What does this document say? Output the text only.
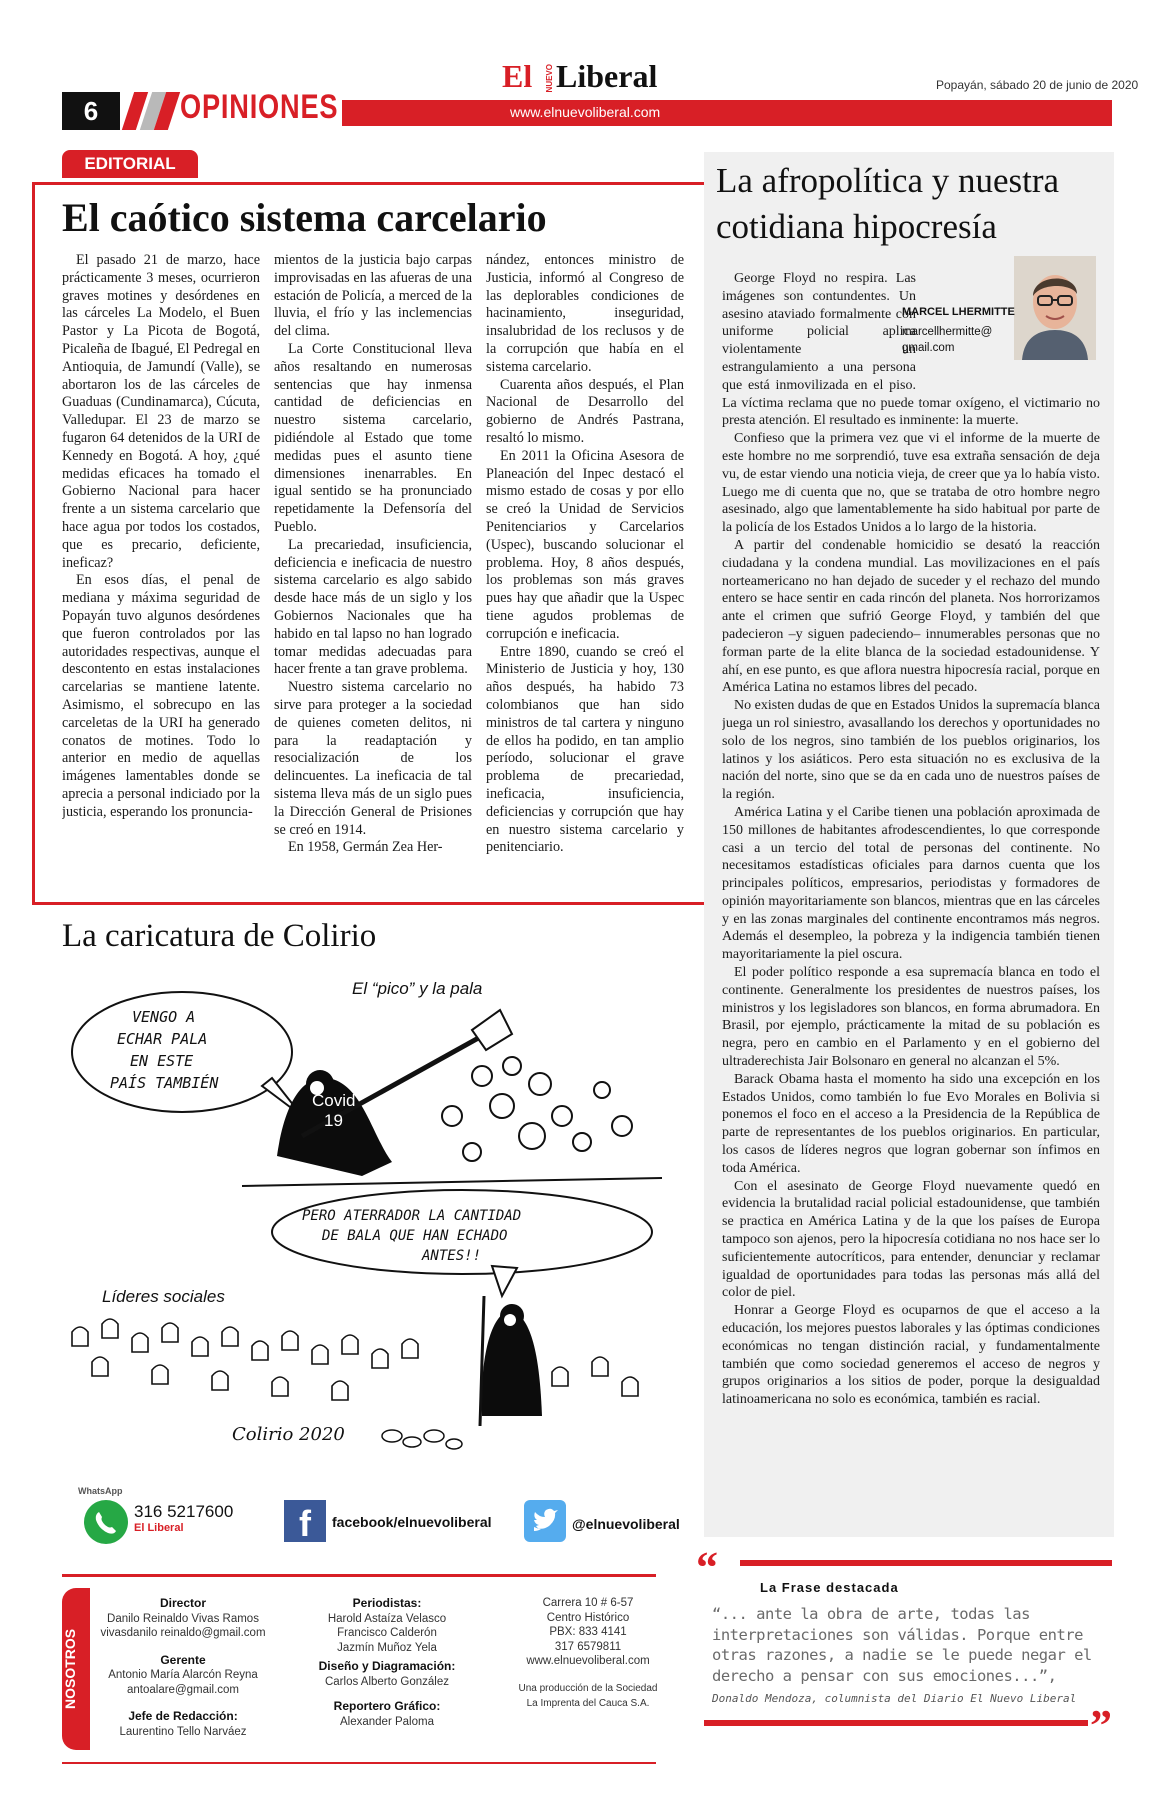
6	OPINIONES	www.elnuevoliberal.com
El NUEVO Liberal	Popayán, sábado 20 de junio de 2020
EDITORIAL
El caótico sistema carcelario

El pasado 21 de marzo, hace prácticamente 3 meses, ocurrieron graves motines y desórdenes en las cárceles La Modelo, el Buen Pastor y La Picota de Bogotá, Picaleña de Ibagué, El Pedregal en Antioquia, de Jamundí (Valle), se abortaron los de las cárceles de Guaduas (Cundinamarca), Cúcuta, Valledupar. El 23 de marzo se fugaron 64 detenidos de la URI de Kennedy en Bogotá. A hoy, ¿qué medidas eficaces ha tomado el Gobierno Nacional para hacer frente a un sistema carcelario que hace agua por todos los costados, que es precario, deficiente, ineficaz?

En esos días, el penal de mediana y máxima seguridad de Popayán tuvo algunos desórdenes que fueron controlados por las autoridades respectivas, aunque el descontento en estas instalaciones carcelarias se mantiene latente. Asimismo, el sobrecupo en las carceletas de la URI ha generado conatos de motines. Todo lo anterior en medio de aquellas imágenes lamentables donde se aprecia a personal indiciado por la justicia, esperando los pronuncia-

mientos de la justicia bajo carpas improvisadas en las afueras de una estación de Policía, a merced de la lluvia, el frío y las inclemencias del clima.

La Corte Constitucional lleva años resaltando en numerosas sentencias que hay inmensa cantidad de deficiencias en nuestro sistema carcelario, pidiéndole al Estado que tome medidas pues el asunto tiene dimensiones inenarrables. En igual sentido se ha pronunciado repetidamente la Defensoría del Pueblo.

La precariedad, insuficiencia, deficiencia e ineficacia de nuestro sistema carcelario es algo sabido desde hace más de un siglo y los Gobiernos Nacionales que ha habido en tal lapso no han logrado tomar medidas adecuadas para hacer frente a tan grave problema.

Nuestro sistema carcelario no sirve para proteger a la sociedad de quienes cometen delitos, ni para la readaptación y resocialización de los delincuentes. La ineficacia de tal sistema lleva más de un siglo pues la Dirección General de Prisiones se creó en 1914.

En 1958, Germán Zea Her-

nández, entonces ministro de Justicia, informó al Congreso de las deplorables condiciones de hacinamiento, inseguridad, insalubridad de los reclusos y de la corrupción que había en el sistema carcelario.

Cuarenta años después, el Plan Nacional de Desarrollo del gobierno de Andrés Pastrana, resaltó lo mismo.

En 2011 la Oficina Asesora de Planeación del Inpec destacó el mismo estado de cosas y por ello se creó la Unidad de Servicios Penitenciarios y Carcelarios (Uspec), buscando solucionar el problema. Hoy, 8 años después, los problemas son más graves pues hay que añadir que la Uspec tiene agudos problemas de corrupción e ineficacia.

Entre 1890, cuando se creó el Ministerio de Justicia y hoy, 130 años después, ha habido 73 colombianos que han sido ministros de tal cartera y ninguno de ellos ha podido, en tan amplio período, solucionar el grave problema de precariedad, ineficacia, insuficiencia, deficiencias y corrupción que hay en nuestro sistema carcelario y penitenciario.

La afropolítica y nuestra cotidiana hipocresía
MARCEL LHERMITTE
marcellhermitte@
gmail.com

George Floyd no respira. Las imágenes son contundentes. Un asesino ataviado formalmente con uniforme policial aplica violentamente un estrangulamiento a una persona que está inmovilizada en el piso. La víctima reclama que no puede tomar oxígeno, el victimario no presta atención. El resultado es inminente: la muerte.

Confieso que la primera vez que vi el informe de la muerte de este hombre no me sorprendió, tuve esa extraña sensación de deja vu, de estar viendo una noticia vieja, de creer que ya lo había visto. Luego me di cuenta que no, que se trataba de otro hombre negro asesinado, algo que lamentablemente ha sido habitual por parte de la policía de los Estados Unidos a lo largo de la historia.

A partir del condenable homicidio se desató la reacción ciudadana y la condena mundial. Las movilizaciones en el país norteamericano no han dejado de suceder y el rechazo del mundo entero se hace sentir en cada rincón del planeta. Nos horrorizamos ante el crimen que sufrió George Floyd, y también del que padecieron –y siguen padeciendo– innumerables personas que no forman parte de la elite blanca de la sociedad estadounidense. Y ahí, en ese punto, es que aflora nuestra hipocresía racial, porque en América Latina no estamos libres del pecado.

No existen dudas de que en Estados Unidos la supremacía blanca juega un rol siniestro, avasallando los derechos y oportunidades no solo de los negros, sino también de los pueblos originarios, los latinos y los asiáticos. Pero esta situación no es exclusiva de la nación del norte, sino que se da en cada uno de nuestros países de la región.

América Latina y el Caribe tienen una población aproximada de 150 millones de habitantes afrodescendientes, lo que corresponde casi a un tercio del total de personas del continente. No necesitamos estadísticas oficiales para darnos cuenta que los principales políticos, empresarios, periodistas y formadores de opinión mayoritariamente son blancos, mientras que en las cárceles y en las zonas marginales del continente encontramos más negros. Además el desempleo, la pobreza y la indigencia también tienen mayoritariamente la piel oscura.

El poder político responde a esa supremacía blanca en todo el continente. Generalmente los presidentes de nuestros países, los ministros y los legisladores son blancos, en forma abrumadora. En Brasil, por ejemplo, prácticamente la mitad de su población es negra, pero en cambio en el Parlamento y en el gobierno del ultraderechista Jair Bolsonaro en general no alcanzan el 5%.

Barack Obama hasta el momento ha sido una excepción en los Estados Unidos, como también lo fue Evo Morales en Bolivia si ponemos el foco en el acceso a la Presidencia de la República de parte de representantes de los pueblos originarios. En particular, los casos de líderes negros que logran gobernar son ínfimos en toda América.

Con el asesinato de George Floyd nuevamente quedó en evidencia la brutalidad racial policial estadounidense, que también se practica en América Latina y de la que los países de Europa tampoco son ajenos, pero la hipocresía cotidiana no nos hace ser lo suficientemente autocríticos, para entender, denunciar y reclamar igualdad de oportunidades para todas las personas más allá del color de piel.

Honrar a George Floyd es ocuparnos de que el acceso a la educación, los mejores puestos laborales y las óptimas condiciones económicas no tengan distinción racial, y fundamentalmente también que como sociedad generemos el acceso de negros y grupos originarios a los sitios de poder, porque la desigualdad latinoamericana no solo es económica, también es racial.

La caricatura de Colirio
El “pico” y la pala
VENGO A
ECHAR PALA
EN ESTE
PAÍS TAMBIÉN
Covid
19
PERO ATERRADOR LA CANTIDAD
DE BALA QUE HAN ECHADO
ANTES!!
Líderes sociales
Colirio 2020
WhatsApp
316 5217600
El Liberal	f	facebook/elnuevoliberal	@elnuevoliberal
NOSOTROS
Director
Danilo Reinaldo Vivas Ramos
vivasdanilo reinaldo@gmail.com

Gerente
Antonio María Alarcón Reyna
antoalare@gmail.com

Jefe de Redacción:
Laurentino Tello Narváez
Periodistas:
Harold Astaíza Velasco
Francisco Calderón
Jazmín Muñoz Yela

Diseño y Diagramación:
Carlos Alberto González

Reportero Gráfico:
Alexander Paloma
Carrera 10 # 6-57
Centro Histórico
PBX: 833 4141
317 6579811
www.elnuevoliberal.com

Una producción de la Sociedad
La Imprenta del Cauca S.A.
“	La Frase destacada
“... ante la obra de arte, todas las interpretaciones son válidas. Porque entre otras razones, a nadie se le puede negar el derecho a pensar con sus emociones...”,
Donaldo Mendoza, columnista del Diario El Nuevo Liberal
”
